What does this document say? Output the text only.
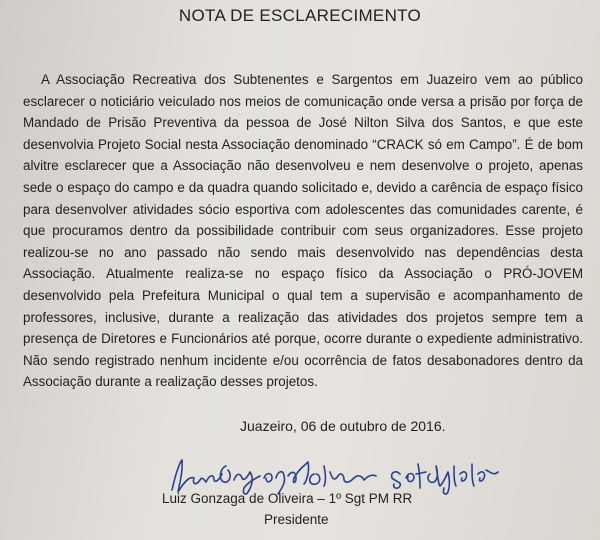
NOTA DE ESCLARECIMENTO

A Associação Recreativa dos Subtenentes e Sargentos em Juazeiro vem ao público esclarecer o noticiário veiculado nos meios de comunicação onde versa a prisão por força de Mandado de Prisão Preventiva da pessoa de José Nilton Silva dos Santos, e que este desenvolvia Projeto Social nesta Associação denominado “CRACK só em Campo”. É de bom alvitre esclarecer que a Associação não desenvolveu e nem desenvolve o projeto, apenas sede o espaço do campo e da quadra quando solicitado e, devido a carência de espaço físico para desenvolver atividades sócio esportiva com adolescentes das comunidades carente, é que procuramos dentro da possibilidade contribuir com seus organizadores. Esse projeto realizou-se no ano passado não sendo mais desenvolvido nas dependências desta Associação. Atualmente realiza-se no espaço físico da Associação o PRÓ-JOVEM desenvolvido pela Prefeitura Municipal o qual tem a supervisão e acompanhamento de professores, inclusive, durante a realização das atividades dos projetos sempre tem a presença de Diretores e Funcionários até porque, ocorre durante o expediente administrativo. Não sendo registrado nenhum incidente e/ou ocorrência de fatos desabonadores dentro da Associação durante a realização desses projetos.

Juazeiro, 06 de outubro de 2016.
Luiz Gonzaga de Oliveira – 1º Sgt PM RR
Presidente
